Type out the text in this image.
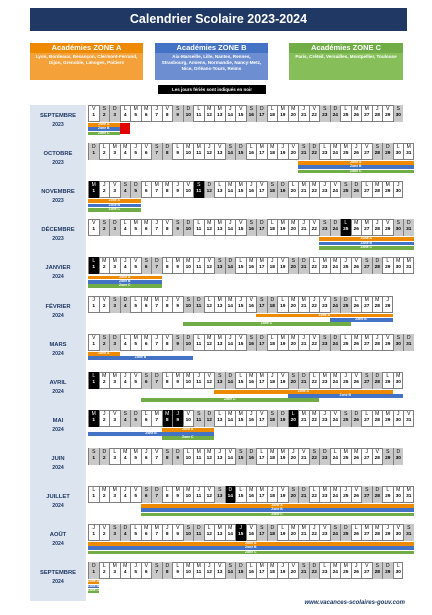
Calendrier Scolaire 2023-2024
Académies ZONE A
Lyon, Bordeaux, Besançon, Clermont-Ferrand, Dijon, Grenoble, Limoges, Poitiers
Académies ZONE B
Aix-Marseille, Lille, Nantes, Rennes, Strasbourg, Amiens, Normandie, Nancy-Metz, Nice, Orléans-Tours, Reims
Académies ZONE C
Paris, Créteil, Versailles, Montpellier, Toulouse
Les jours fériés sont indiqués en noir
SEPTEMBRE
2023
V
1
S
2
D
3
L
4
M
5
M
6
J
7
V
8
S
9
D
10
L
11
M
12
M
13
J
14
V
15
S
16
D
17
L
18
M
19
M
20
J
21
V
22
S
23
D
24
L
25
M
26
M
27
J
28
V
29
S
30
Zone A
Zone B
Zone C
OCTOBRE
2023
D
1
L
2
M
3
M
4
J
5
V
6
S
7
D
8
L
9
M
10
M
11
J
12
V
13
S
14
D
15
L
16
M
17
M
18
J
19
V
20
S
21
D
22
L
23
M
24
M
25
J
26
V
27
S
28
D
29
L
30
M
31
Zone A
Zone B
Zone C
NOVEMBRE
2023
M
1
J
2
V
3
S
4
D
5
L
6
M
7
M
8
J
9
V
10
S
11
D
12
L
13
M
14
M
15
J
16
V
17
S
18
D
19
L
20
M
21
M
22
J
23
V
24
S
25
D
26
L
27
M
28
M
29
J
30
Zone A
Zone B
Zone C
DÉCEMBRE
2023
V
1
S
2
D
3
L
4
M
5
M
6
J
7
V
8
S
9
D
10
L
11
M
12
M
13
J
14
V
15
S
16
D
17
L
18
M
19
M
20
J
21
V
22
S
23
D
24
L
25
M
26
M
27
J
28
V
29
S
30
D
31
Zone A
Zone B
Zone C
JANVIER
2024
L
1
M
2
M
3
J
4
V
5
S
6
D
7
L
8
M
9
M
10
J
11
V
12
S
13
D
14
L
15
M
16
M
17
J
18
V
19
S
20
D
21
L
22
M
23
M
24
J
25
V
26
S
27
D
28
L
29
M
30
M
31
Zone A
Zone B
Zone C
FÉVRIER
2024
J
1
V
2
S
3
D
4
L
5
M
6
M
7
J
8
V
9
S
10
D
11
L
12
M
13
M
14
J
15
V
16
S
17
D
18
L
19
M
20
M
21
J
22
V
23
S
24
D
25
L
26
M
27
M
28
J
29
Zone A
Zone B
Zone C
MARS
2024
V
1
S
2
D
3
L
4
M
5
M
6
J
7
V
8
S
9
D
10
L
11
M
12
M
13
J
14
V
15
S
16
D
17
L
18
M
19
M
20
J
21
V
22
S
23
D
24
L
25
M
26
M
27
J
28
V
29
S
30
D
31
Zone A
Zone B
AVRIL
2024
L
1
M
2
M
3
J
4
V
5
S
6
D
7
L
8
M
9
M
10
J
11
V
12
S
13
D
14
L
15
M
16
M
17
J
18
V
19
S
20
D
21
L
22
M
23
M
24
J
25
V
26
S
27
D
28
L
29
M
30
Zone A
Zone B
Zone C
MAI
2024
M
1
J
2
V
3
S
4
D
5
L
6
M
7
M
8
J
9
V
10
S
11
D
12
L
13
M
14
M
15
J
16
V
17
S
18
D
19
L
20
M
21
M
22
J
23
V
24
S
25
D
26
L
27
M
28
M
29
J
30
V
31
Zone A
Zone B
Zone C
JUIN
2024
S
1
D
2
L
3
M
4
M
5
J
6
V
7
S
8
D
9
L
10
M
11
M
12
J
13
V
14
S
15
D
16
L
17
M
18
M
19
J
20
V
21
S
22
D
23
L
24
M
25
M
26
J
27
V
28
S
29
D
30
JUILLET
2024
L
1
M
2
M
3
J
4
V
5
S
6
D
7
L
8
M
9
M
10
J
11
V
12
S
13
D
14
L
15
M
16
M
17
J
18
V
19
S
20
D
21
L
22
M
23
M
24
J
25
V
26
S
27
D
28
L
29
M
30
M
31
Zone A
Zone B
Zone C
AOÛT
2024
J
1
V
2
S
3
D
4
L
5
M
6
M
7
J
8
V
9
S
10
D
11
L
12
M
13
M
14
J
15
V
16
S
17
D
18
L
19
M
20
M
21
J
22
V
23
S
24
D
25
L
26
M
27
M
28
J
29
V
30
S
31
Zone A
Zone B
Zone C
SEPTEMBRE
2024
D
1
L
2
M
3
M
4
J
5
V
6
S
7
D
8
L
9
M
10
M
11
J
12
V
13
S
14
D
15
L
16
M
17
M
18
J
19
V
20
S
21
D
22
L
23
M
24
M
25
J
26
V
27
S
28
D
29
L
30
Zone A
Zone B
Zone C
www.vacances-scolaires-gouv.com
